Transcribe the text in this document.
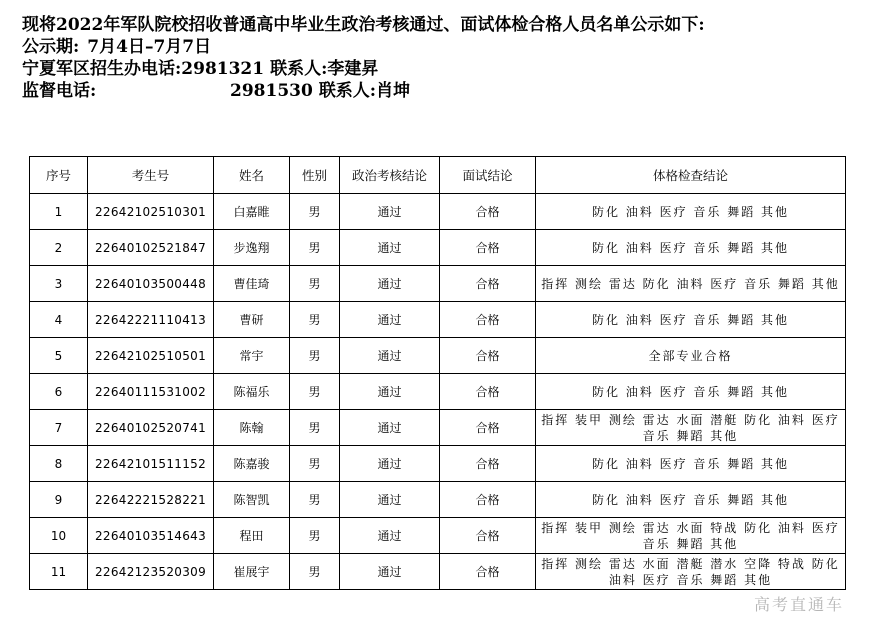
现将2022年军队院校招收普通高中毕业生政治考核通过、面试体检合格人员名单公示如下:
公示期: 7月4日–7月7日
宁夏军区招生办电话:2981321 联系人:李建昇
监督电话:	2981530 联系人:肖坤
序号	考生号	姓名	性别	政治考核结论	面试结论	体格检查结论
1	22642102510301	白嘉睢	男	通过	合格	防化 油料 医疗 音乐 舞蹈 其他
2	22640102521847	步逸翔	男	通过	合格	防化 油料 医疗 音乐 舞蹈 其他
3	22640103500448	曹佳琦	男	通过	合格	指挥 测绘 雷达 防化 油料 医疗 音乐 舞蹈 其他
4	22642221110413	曹研	男	通过	合格	防化 油料 医疗 音乐 舞蹈 其他
5	22642102510501	常宇	男	通过	合格	全部专业合格
6	22640111531002	陈福乐	男	通过	合格	防化 油料 医疗 音乐 舞蹈 其他
7	22640102520741	陈翰	男	通过	合格	指挥 装甲 测绘 雷达 水面 潜艇 防化 油料 医疗 音乐 舞蹈 其他
8	22642101511152	陈嘉骏	男	通过	合格	防化 油料 医疗 音乐 舞蹈 其他
9	22642221528221	陈智凯	男	通过	合格	防化 油料 医疗 音乐 舞蹈 其他
10	22640103514643	程田	男	通过	合格	指挥 装甲 测绘 雷达 水面 特战 防化 油料 医疗 音乐 舞蹈 其他
11	22642123520309	崔展宇	男	通过	合格	指挥 测绘 雷达 水面 潜艇 潜水 空降 特战 防化 油料 医疗 音乐 舞蹈 其他
高考直通车
